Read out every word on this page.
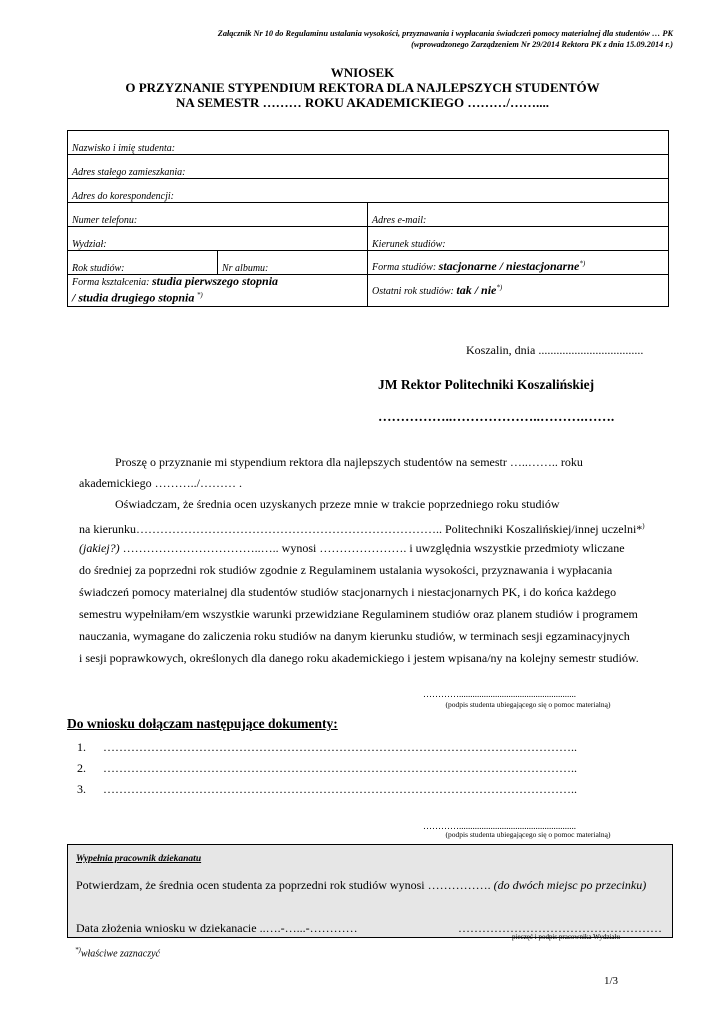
Załącznik Nr 10 do Regulaminu ustalania wysokości, przyznawania i wypłacania świadczeń pomocy materialnej dla studentów … PK
(wprowadzonego Zarządzeniem Nr 29/2014 Rektora PK z dnia 15.09.2014 r.)
WNIOSEK
O PRZYZNANIE STYPENDIUM REKTORA DLA NAJLEPSZYCH STUDENTÓW
NA SEMESTR ……… ROKU AKADEMICKIEGO ………/……....
Nazwisko i imię studenta:		
Adres stałego zamieszkania:		
Adres do korespondencji:		
Numer telefonu:		Adres e-mail:
Wydział:		Kierunek studiów:
Rok studiów:	Nr albumu:	Forma studiów: stacjonarne / niestacjonarne*)
Forma kształcenia: studia pierwszego stopnia
/ studia drugiego stopnia *)		Ostatni rok studiów: tak / nie*)
Koszalin, dnia ...................................
JM Rektor Politechniki Koszalińskiej
……………..………………..……….…….
Proszę o przyznanie mi stypendium rektora dla najlepszych studentów na semestr …..…….. roku
akademickiego ………../……… .
Oświadczam, że średnia ocen uzyskanych przeze mnie w trakcie poprzedniego roku studiów
na kierunku………………………………………………………………….. Politechniki Koszalińskiej/innej uczelni*)
(jakiej?) ……………………………..….. wynosi …………………. i uwzględnia wszystkie przedmioty wliczane
do średniej za poprzedni rok studiów zgodnie z Regulaminem ustalania wysokości, przyznawania i wypłacania
świadczeń pomocy materialnej dla studentów studiów stacjonarnych i niestacjonarnych PK, i do końca każdego
semestru wypełniłam/em wszystkie warunki przewidziane Regulaminem studiów oraz planem studiów i programem
nauczania, wymagane do zaliczenia roku studiów na danym kierunku studiów, w terminach sesji egzaminacyjnych
i sesji poprawkowych, określonych dla danego roku akademickiego i jestem wpisana/ny na kolejny semestr studiów.
…………....................................................
(podpis studenta ubiegającego się o pomoc materialną)
Do wniosku dołączam następujące dokumenty:
1. ………………………………………………………………………………………………………..
2. ………………………………………………………………………………………………………..
3. ………………………………………………………………………………………………………..
…………....................................................
(podpis studenta ubiegającego się o pomoc materialną)
Wypełnia pracownik dziekanatu
Potwierdzam, że średnia ocen studenta za poprzedni rok studiów wynosi ……………. (do dwóch miejsc po przecinku)
Data złożenia wniosku w dziekanacie ..….-…...-…………	……………………………………………
pieczęć i podpis pracownika Wydziału
*)właściwe zaznaczyć
1/3
